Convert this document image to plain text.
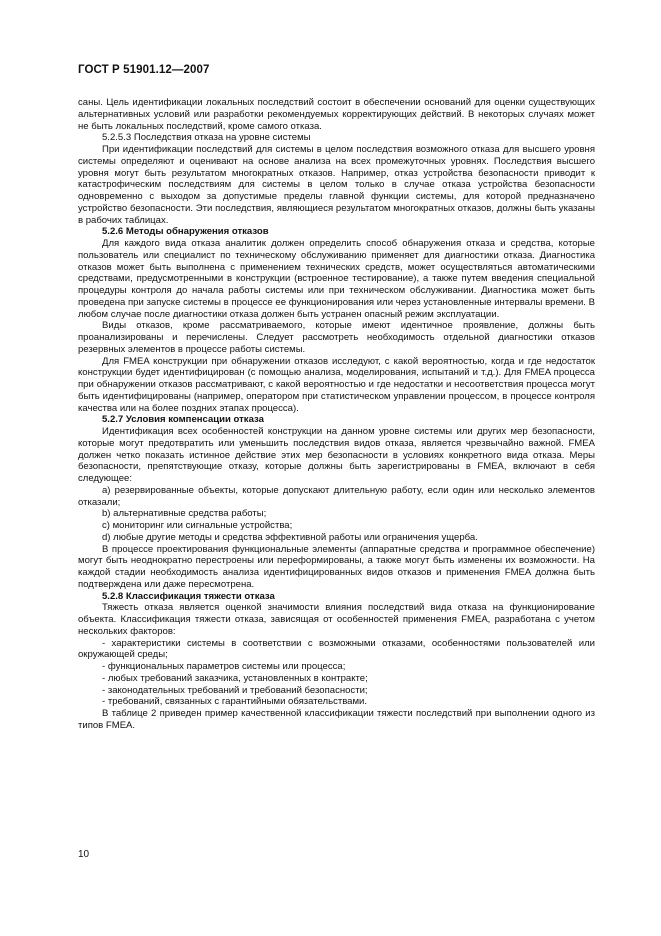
ГОСТ Р 51901.12—2007

саны. Цель идентификации локальных последствий состоит в обеспечении оснований для оценки существующих альтернативных условий или разработки рекомендуемых корректирующих действий. В некоторых случаях может не быть локальных последствий, кроме самого отказа.

5.2.5.3 Последствия отказа на уровне системы

При идентификации последствий для системы в целом последствия возможного отказа для высшего уровня системы определяют и оценивают на основе анализа на всех промежуточных уровнях. Последствия высшего уровня могут быть результатом многократных отказов. Например, отказ устройства безопасности приводит к катастрофическим последствиям для системы в целом только в случае отказа устройства безопасности одновременно с выходом за допустимые пределы главной функции системы, для которой предназначено устройство безопасности. Эти последствия, являющиеся результатом многократных отказов, должны быть указаны в рабочих таблицах.

5.2.6 Методы обнаружения отказов

Для каждого вида отказа аналитик должен определить способ обнаружения отказа и средства, которые пользователь или специалист по техническому обслуживанию применяет для диагностики отказа. Диагностика отказов может быть выполнена с применением технических средств, может осуществляться автоматическими средствами, предусмотренными в конструкции (встроенное тестирование), а также путем введения специальной процедуры контроля до начала работы системы или при техническом обслуживании. Диагностика может быть проведена при запуске системы в процессе ее функционирования или через установленные интервалы времени. В любом случае после диагностики отказа должен быть устранен опасный режим эксплуатации.

Виды отказов, кроме рассматриваемого, которые имеют идентичное проявление, должны быть проанализированы и перечислены. Следует рассмотреть необходимость отдельной диагностики отказов резервных элементов в процессе работы системы.

Для FMEA конструкции при обнаружении отказов исследуют, с какой вероятностью, когда и где недостаток конструкции будет идентифицирован (с помощью анализа, моделирования, испытаний и т.д.). Для FMEA процесса при обнаружении отказов рассматривают, с какой вероятностью и где недостатки и несоответствия процесса могут быть идентифицированы (например, оператором при статистическом управлении процессом, в процессе контроля качества или на более поздних этапах процесса).

5.2.7 Условия компенсации отказа

Идентификация всех особенностей конструкции на данном уровне системы или других мер безопасности, которые могут предотвратить или уменьшить последствия видов отказа, является чрезвычайно важной. FMEA должен четко показать истинное действие этих мер безопасности в условиях конкретного вида отказа. Меры безопасности, препятствующие отказу, которые должны быть зарегистрированы в FMEA, включают в себя следующее:

а) резервированные объекты, которые допускают длительную работу, если один или несколько элементов отказали;

b) альтернативные средства работы;

c) мониторинг или сигнальные устройства;

d) любые другие методы и средства эффективной работы или ограничения ущерба.

В процессе проектирования функциональные элементы (аппаратные средства и программное обеспечение) могут быть неоднократно перестроены или переформированы, а также могут быть изменены их возможности. На каждой стадии необходимость анализа идентифицированных видов отказов и применения FMEA должна быть подтверждена или даже пересмотрена.

5.2.8 Классификация тяжести отказа

Тяжесть отказа является оценкой значимости влияния последствий вида отказа на функционирование объекта. Классификация тяжести отказа, зависящая от особенностей применения FMEA, разработана с учетом нескольких факторов:

- характеристики системы в соответствии с возможными отказами, особенностями пользователей или окружающей среды;

- функциональных параметров системы или процесса;

- любых требований заказчика, установленных в контракте;

- законодательных требований и требований безопасности;

- требований, связанных с гарантийными обязательствами.

В таблице 2 приведен пример качественной классификации тяжести последствий при выполнении одного из типов FMEA.

10
